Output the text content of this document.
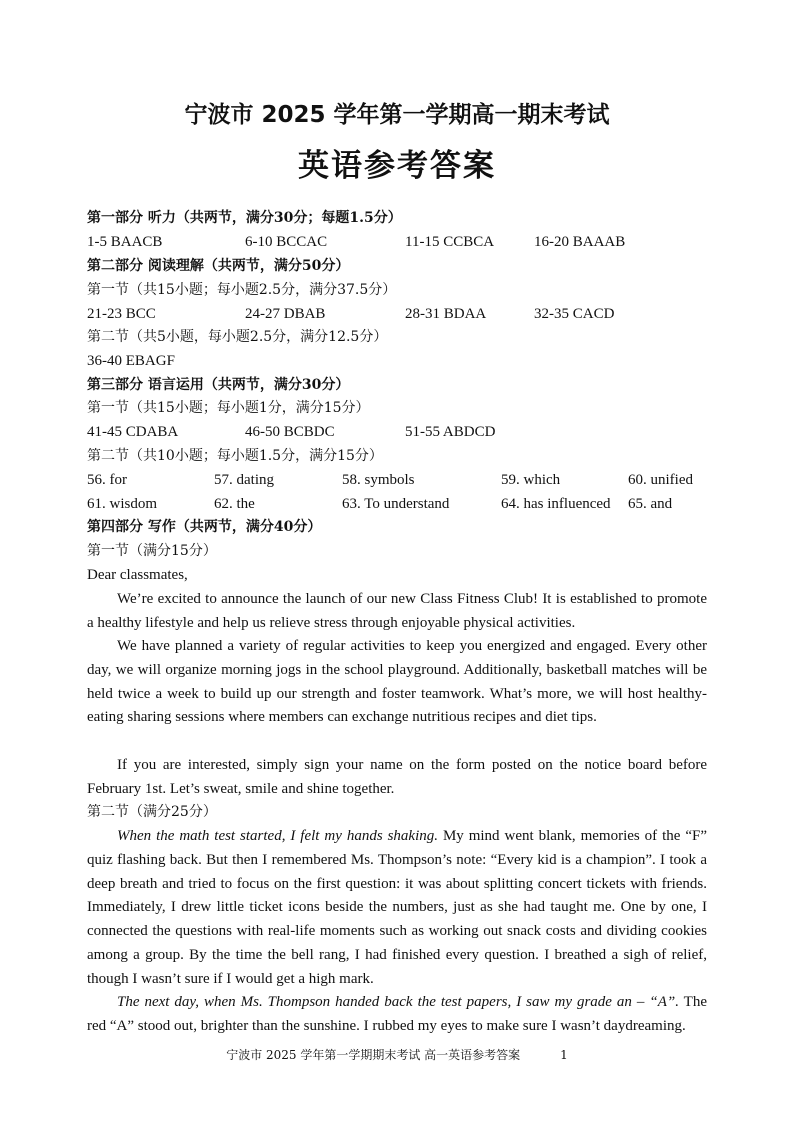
宁波市 2025 学年第一学期高一期末考试
英语参考答案
第一部分 听力（共两节，满分30分；每题1.5分）
1-5 BAACB	6-10 BCCAC	11-15 CCBCA	16-20 BAAAB
第二部分 阅读理解（共两节，满分50分）
第一节（共15小题；每小题2.5分，满分37.5分）
21-23 BCC	24-27 DBAB	28-31 BDAA	32-35 CACD
第二节（共5小题，每小题2.5分，满分12.5分）
36-40 EBAGF
第三部分 语言运用（共两节，满分30分）
第一节（共15小题；每小题1分，满分15分）
41-45 CDABA	46-50 BCBDC	51-55 ABDCD
第二节（共10小题；每小题1.5分，满分15分）
56. for	57. dating	58. symbols	59. which	60. unified
61. wisdom	62. the	63. To understand	64. has influenced 65. and
第四部分 写作（共两节，满分40分）
第一节（满分15分）
Dear classmates,
We’re excited to announce the launch of our new Class Fitness Club! It is established to promote a healthy lifestyle and help us relieve stress through enjoyable physical activities.
We have planned a variety of regular activities to keep you energized and engaged. Every other day, we will organize morning jogs in the school playground. Additionally, basketball matches will be held twice a week to build up our strength and foster teamwork. What’s more, we will host healthy-eating sharing sessions where members can exchange nutritious recipes and diet tips.
If you are interested, simply sign your name on the form posted on the notice board before February 1st. Let’s sweat, smile and shine together.
第二节（满分25分）
When the math test started, I felt my hands shaking. My mind went blank, memories of the “F” quiz flashing back. But then I remembered Ms. Thompson’s note: “Every kid is a champion”. I took a deep breath and tried to focus on the first question: it was about splitting concert tickets with friends. Immediately, I drew little ticket icons beside the numbers, just as she had taught me. One by one, I connected the questions with real-life moments such as working out snack costs and dividing cookies among a group. By the time the bell rang, I had finished every question. I breathed a sigh of relief, though I wasn’t sure if I would get a high mark.
The next day, when Ms. Thompson handed back the test papers, I saw my grade an – “A”. The red “A” stood out, brighter than the sunshine. I rubbed my eyes to make sure I wasn’t daydreaming.
宁波市 2025 学年第一学期期末考试 高一英语参考答案	1
